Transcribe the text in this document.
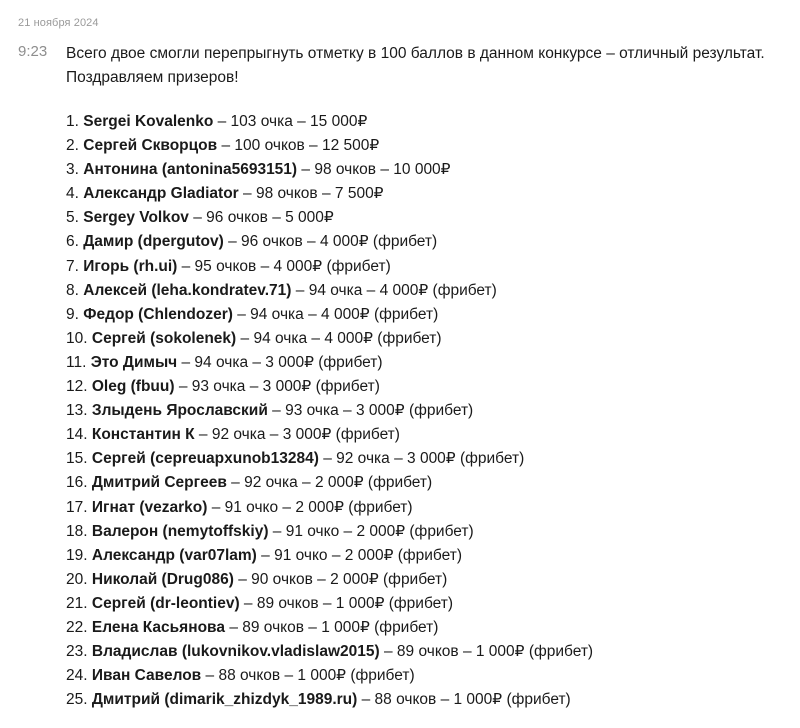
21 ноября 2024
9:23 Всего двое смогли перепрыгнуть отметку в 100 баллов в данном конкурсе – отличный результат. Поздравляем призеров!

1. Sergei Kovalenko – 103 очка – 15 000₽
2. Сергей Скворцов – 100 очков – 12 500₽
3. Антонина (antonina5693151) – 98 очков – 10 000₽
4. Александр Gladiator – 98 очков – 7 500₽
5. Sergey Volkov – 96 очков – 5 000₽
6. Дамир (dpergutov) – 96 очков – 4 000₽ (фрибет)
7. Игорь (rh.ui) – 95 очков – 4 000₽ (фрибет)
8. Алексей (leha.kondratev.71) – 94 очка – 4 000₽ (фрибет)
9. Федор (Chlendozer) – 94 очка – 4 000₽ (фрибет)
10. Сергей (sokolenek) – 94 очка – 4 000₽ (фрибет)
11. Это Димыч – 94 очка – 3 000₽ (фрибет)
12. Oleg (fbuu) – 93 очка – 3 000₽ (фрибет)
13. Злыдень Ярославский – 93 очка – 3 000₽ (фрибет)
14. Константин К – 92 очка – 3 000₽ (фрибет)
15. Сергей (cepreuapxunob13284) – 92 очка – 3 000₽ (фрибет)
16. Дмитрий Сергеев – 92 очка – 2 000₽ (фрибет)
17. Игнат (vezarko) – 91 очко – 2 000₽ (фрибет)
18. Валерон (nemytoffskiy) – 91 очко – 2 000₽ (фрибет)
19. Александр (var07lam) – 91 очко – 2 000₽ (фрибет)
20. Николай (Drug086) – 90 очков – 2 000₽ (фрибет)
21. Сергей (dr-leontiev) – 89 очков – 1 000₽ (фрибет)
22. Елена Касьянова – 89 очков – 1 000₽ (фрибет)
23. Владислав (lukovnikov.vladislaw2015) – 89 очков – 1 000₽ (фрибет)
24. Иван Савелов – 88 очков – 1 000₽ (фрибет)
25. Дмитрий (dimarik_zhizdyk_1989.ru) – 88 очков – 1 000₽ (фрибет)
